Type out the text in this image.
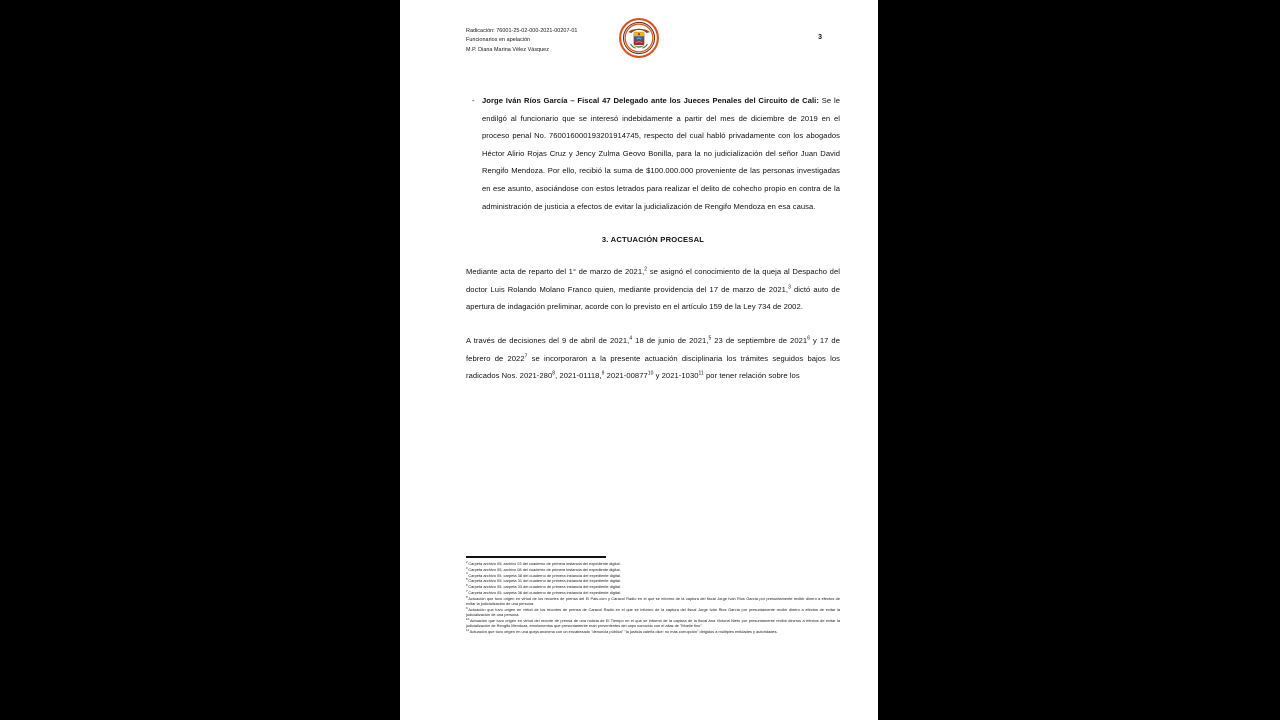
Radicación: 76001-25-02-000-2021-00207-01
Funcionarios en apelación
M.P. Diana Marina Vélez Vásquez
3
- Jorge Iván Ríos García – Fiscal 47 Delegado ante los Jueces Penales del Circuito de Cali: Se le endilgó al funcionario que se interesó indebidamente a partir del mes de diciembre de 2019 en el proceso penal No. 760016000193201914745, respecto del cual habló privadamente con los abogados Héctor Alirio Rojas Cruz y Jency Zulma Geovo Bonilla, para la no judicialización del señor Juan David Rengifo Mendoza. Por ello, recibió la suma de $100.000.000 proveniente de las personas investigadas en ese asunto, asociándose con estos letrados para realizar el delito de cohecho propio en contra de la administración de justicia a efectos de evitar la judicialización de Rengifo Mendoza en esa causa.
3. ACTUACIÓN PROCESAL
Mediante acta de reparto del 1° de marzo de 2021,$^2$ se asignó el conocimiento de la queja al Despacho del doctor Luis Rolando Molano Franco quien, mediante providencia del 17 de marzo de 2021,$^3$ dictó auto de apertura de indagación preliminar, acorde con lo previsto en el artículo 159 de la Ley 734 de 2002.
A través de decisiones del 9 de abril de 2021,$^4$ 18 de junio de 2021,$^5$ 23 de septiembre de 2021$^6$ y 17 de febrero de 2022$^7$ se incorporaron a la presente actuación disciplinaria los trámites seguidos bajos los radicados Nos. $2021-280^8$, 2021-01118,$^9$ 2021-00877$^{10}$ y 2021-1030$^{11}$ por tener relación sobre los
$^2$Carpeta archivo 05, archivo 03 del cuaderno de primera instancia del expediente digital.
$^3$Carpeta archivo 05, archivo 08 del cuaderno de primera instancia del expediente digital.
$^4$Carpeta archivo 05, carpeta 38 del cuaderno de primera instancia del expediente digital.
$^5$Carpeta archivo 05, carpeta 31 del cuaderno de primera instancia del expediente digital.
$^6$Carpeta archivo 05, carpeta 33 del cuaderno de primera instancia del expediente digital.
$^7$Carpeta archivo 05, carpeta 36 del cuaderno de primera instancia del expediente digital.
$^8$Actuación que tuvo origen en virtud de los recortes de prensa del El Pais.com y Caracol Radio en el que se informó de la captura del fiscal Jorge Iván Rios García por presuntamente recibir dinero a efectos de evitar la judicialización de una persona.
$^9$Actuación que tuvo origen en virtud de los recortes de prensa de Caracol Radio en el que se informó de la captura del fiscal Jorge Iván Rios García por presuntamente recibir dinero a efectos de evitar la judicialización de una persona.
$^{10}$Actuación que tuvo origen en virtud del recorte de prensa de una noticia de El Tiempo en el que se informó de la captura de la fiscal Ana Victoria Nieto por presuntamente recibir dineros a efectos de evitar la judicialización de Rengifo Mendoza, emolumentos que presuntamente eran provenientes del capo conocido con el alias de "Muelle fino".
$^{11}$Actuación que tuvo origen en una queja anónima con un encabezado "denuncia pública" "la justicia caleña dice: no más corrupción" dirigidos a múltiples entidades y autoridades.
